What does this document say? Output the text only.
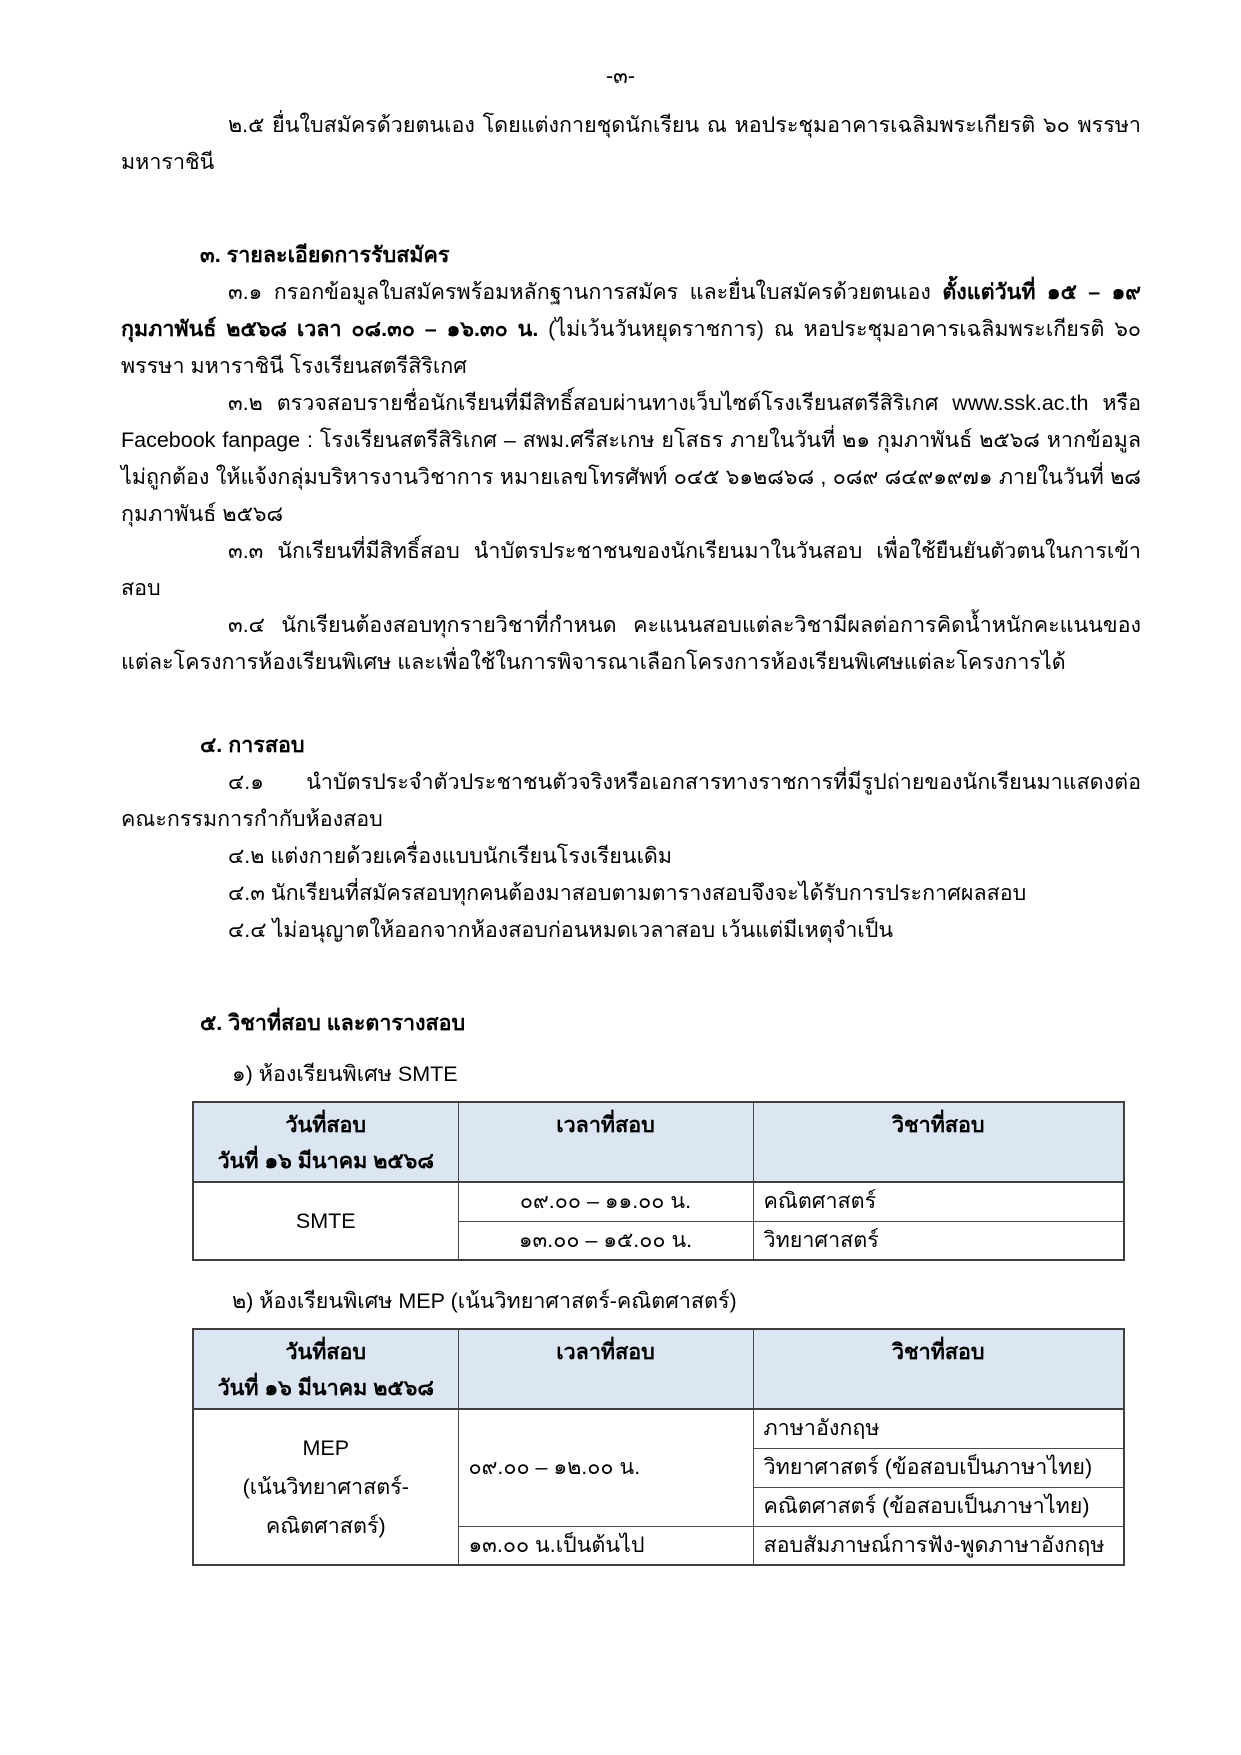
-๓-

๒.๕ ยื่นใบสมัครด้วยตนเอง โดยแต่งกายชุดนักเรียน ณ หอประชุมอาคารเฉลิมพระเกียรติ ๖๐ พรรษา มหาราชินี

๓. รายละเอียดการรับสมัคร

๓.๑ กรอกข้อมูลใบสมัครพร้อมหลักฐานการสมัคร และยื่นใบสมัครด้วยตนเอง ตั้งแต่วันที่ ๑๕ – ๑๙ กุมภาพันธ์ ๒๕๖๘ เวลา ๐๘.๓๐ – ๑๖.๓๐ น. (ไม่เว้นวันหยุดราชการ) ณ หอประชุมอาคารเฉลิมพระเกียรติ ๖๐ พรรษา มหาราชินี โรงเรียนสตรีสิริเกศ

๓.๒ ตรวจสอบรายชื่อนักเรียนที่มีสิทธิ์สอบผ่านทางเว็บไซต์โรงเรียนสตรีสิริเกศ www.ssk.ac.th หรือ Facebook fanpage : โรงเรียนสตรีสิริเกศ – สพม.ศรีสะเกษ ยโสธร ภายในวันที่ ๒๑ กุมภาพันธ์ ๒๕๖๘ หากข้อมูลไม่ถูกต้อง ให้แจ้งกลุ่มบริหารงานวิชาการ หมายเลขโทรศัพท์ ๐๔๕ ๖๑๒๘๖๘ , ๐๘๙ ๘๔๙๑๙๗๑ ภายในวันที่ ๒๘ กุมภาพันธ์ ๒๕๖๘

๓.๓ นักเรียนที่มีสิทธิ์สอบ นำบัตรประชาชนของนักเรียนมาในวันสอบ เพื่อใช้ยืนยันตัวตนในการเข้าสอบ

๓.๔ นักเรียนต้องสอบทุกรายวิชาที่กำหนด คะแนนสอบแต่ละวิชามีผลต่อการคิดน้ำหนักคะแนนของแต่ละโครงการห้องเรียนพิเศษ และเพื่อใช้ในการพิจารณาเลือกโครงการห้องเรียนพิเศษแต่ละโครงการได้

๔. การสอบ

๔.๑ นำบัตรประจำตัวประชาชนตัวจริงหรือเอกสารทางราชการที่มีรูปถ่ายของนักเรียนมาแสดงต่อคณะกรรมการกำกับห้องสอบ

๔.๒ แต่งกายด้วยเครื่องแบบนักเรียนโรงเรียนเดิม

๔.๓ นักเรียนที่สมัครสอบทุกคนต้องมาสอบตามตารางสอบจึงจะได้รับการประกาศผลสอบ

๔.๔ ไม่อนุญาตให้ออกจากห้องสอบก่อนหมดเวลาสอบ เว้นแต่มีเหตุจำเป็น

๕. วิชาที่สอบ และตารางสอบ

๑) ห้องเรียนพิเศษ SMTE

วันที่สอบ
วันที่ ๑๖ มีนาคม ๒๕๖๘	เวลาที่สอบ	วิชาที่สอบ
SMTE	๐๙.๐๐ – ๑๑.๐๐ น.	คณิตศาสตร์
	๑๓.๐๐ – ๑๕.๐๐ น.	วิทยาศาสตร์

๒) ห้องเรียนพิเศษ MEP (เน้นวิทยาศาสตร์-คณิตศาสตร์)

วันที่สอบ
วันที่ ๑๖ มีนาคม ๒๕๖๘	เวลาที่สอบ	วิชาที่สอบ

MEP
(เน้นวิทยาศาสตร์-
คณิตศาสตร์)	๐๙.๐๐ – ๑๒.๐๐ น.	ภาษาอังกฤษ
		วิทยาศาสตร์ (ข้อสอบเป็นภาษาไทย)
		คณิตศาสตร์ (ข้อสอบเป็นภาษาไทย)
	๑๓.๐๐ น.เป็นต้นไป	สอบสัมภาษณ์การฟัง-พูดภาษาอังกฤษ
